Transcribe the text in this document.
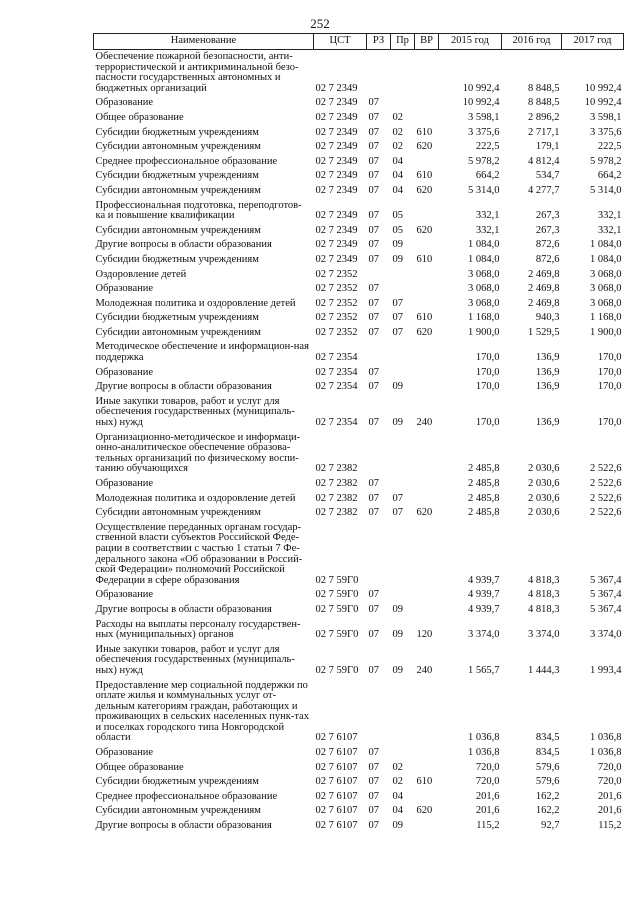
252
Наименование	ЦСТ	РЗ	Пр	ВР	2015 год	2016 год	2017 год
Обеспечение пожарной безопасности, анти-террористической и антикриминальной безо-пасности государственных автономных и бюджетных организаций	02 7 2349				10 992,4	8 848,5	10 992,4
Образование	02 7 2349	07			10 992,4	8 848,5	10 992,4
Общее образование	02 7 2349	07	02		3 598,1	2 896,2	3 598,1
Субсидии бюджетным учреждениям	02 7 2349	07	02	610	3 375,6	2 717,1	3 375,6
Субсидии автономным учреждениям	02 7 2349	07	02	620	222,5	179,1	222,5
Среднее профессиональное образование	02 7 2349	07	04		5 978,2	4 812,4	5 978,2
Субсидии бюджетным учреждениям	02 7 2349	07	04	610	664,2	534,7	664,2
Субсидии автономным учреждениям	02 7 2349	07	04	620	5 314,0	4 277,7	5 314,0
Профессиональная подготовка, переподготов-ка и повышение квалификации	02 7 2349	07	05		332,1	267,3	332,1
Субсидии автономным учреждениям	02 7 2349	07	05	620	332,1	267,3	332,1
Другие вопросы в области образования	02 7 2349	07	09		1 084,0	872,6	1 084,0
Субсидии бюджетным учреждениям	02 7 2349	07	09	610	1 084,0	872,6	1 084,0
Оздоровление детей	02 7 2352				3 068,0	2 469,8	3 068,0
Образование	02 7 2352	07			3 068,0	2 469,8	3 068,0
Молодежная политика и оздоровление детей	02 7 2352	07	07		3 068,0	2 469,8	3 068,0
Субсидии бюджетным учреждениям	02 7 2352	07	07	610	1 168,0	940,3	1 168,0
Субсидии автономным учреждениям	02 7 2352	07	07	620	1 900,0	1 529,5	1 900,0
Методическое обеспечение и информацион-ная поддержка	02 7 2354				170,0	136,9	170,0
Образование	02 7 2354	07			170,0	136,9	170,0
Другие вопросы в области образования	02 7 2354	07	09		170,0	136,9	170,0
Иные закупки товаров, работ и услуг для обеспечения государственных (муниципаль-ных) нужд	02 7 2354	07	09	240	170,0	136,9	170,0
Организационно-методическое и информаци-онно-аналитическое обеспечение образова-тельных организаций по физическому воспи-танию обучающихся	02 7 2382				2 485,8	2 030,6	2 522,6
Образование	02 7 2382	07			2 485,8	2 030,6	2 522,6
Молодежная политика и оздоровление детей	02 7 2382	07	07		2 485,8	2 030,6	2 522,6
Субсидии автономным учреждениям	02 7 2382	07	07	620	2 485,8	2 030,6	2 522,6
Осуществление переданных органам государ-ственной власти субъектов Российской Феде-рации в соответствии с частью 1 статьи 7 Фе-дерального закона «Об образовании в Россий-ской Федерации» полномочий Российской Федерации в сфере образования	02 7 59Г0				4 939,7	4 818,3	5 367,4
Образование	02 7 59Г0	07			4 939,7	4 818,3	5 367,4
Другие вопросы в области образования	02 7 59Г0	07	09		4 939,7	4 818,3	5 367,4
Расходы на выплаты персоналу государствен-ных (муниципальных) органов	02 7 59Г0	07	09	120	3 374,0	3 374,0	3 374,0
Иные закупки товаров, работ и услуг для обеспечения государственных (муниципаль-ных) нужд	02 7 59Г0	07	09	240	1 565,7	1 444,3	1 993,4
Предоставление мер социальной поддержки по оплате жилья и коммунальных услуг от-дельным категориям граждан, работающих и проживающих в сельских населенных пунк-тах и поселках городского типа Новгородской области	02 7 6107				1 036,8	834,5	1 036,8
Образование	02 7 6107	07			1 036,8	834,5	1 036,8
Общее образование	02 7 6107	07	02		720,0	579,6	720,0
Субсидии бюджетным учреждениям	02 7 6107	07	02	610	720,0	579,6	720,0
Среднее профессиональное образование	02 7 6107	07	04		201,6	162,2	201,6
Субсидии автономным учреждениям	02 7 6107	07	04	620	201,6	162,2	201,6
Другие вопросы в области образования	02 7 6107	07	09		115,2	92,7	115,2
